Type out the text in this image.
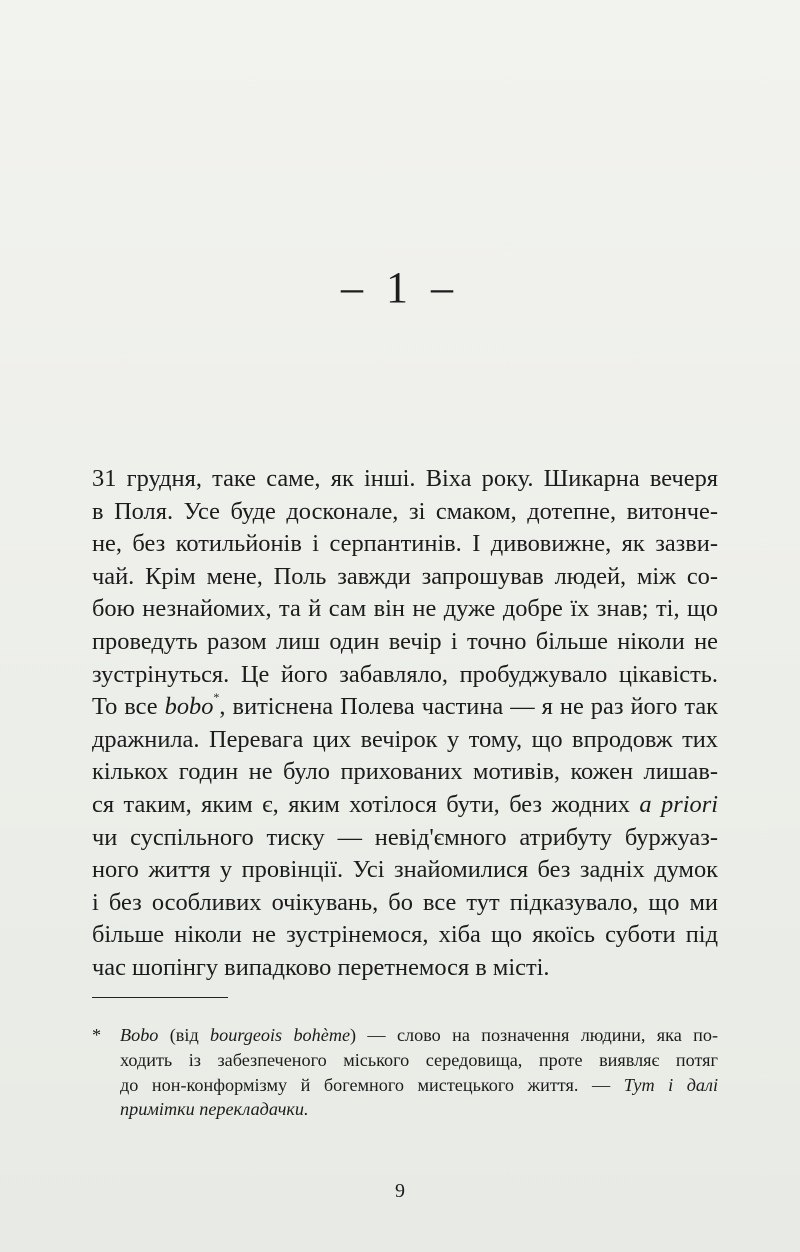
– 1 –
31 грудня, таке саме, як інші. Віха року. Шикарна вечеря
в Поля. Усе буде досконале, зі смаком, дотепне, витонче-
не, без котильйонів і серпантинів. І дивовижне, як зазви-
чай. Крім мене, Поль завжди запрошував людей, між со-
бою незнайомих, та й сам він не дуже добре їх знав; ті, що
проведуть разом лиш один вечір і точно більше ніколи не
зустрінуться. Це його забавляло, пробуджувало цікавість.
То все bobo*, витіснена Полева частина — я не раз його так
дражнила. Перевага цих вечірок у тому, що впродовж тих
кількох годин не було прихованих мотивів, кожен лишав-
ся таким, яким є, яким хотілося бути, без жодних a priori
чи суспільного тиску — невід'ємного атрибуту буржуаз-
ного життя у провінції. Усі знайомилися без задніх думок
і без особливих очікувань, бо все тут підказувало, що ми
більше ніколи не зустрінемося, хіба що якоїсь суботи під
час шопінгу випадково перетнемося в місті.
* Bobo (від bourgeois bohème) — слово на позначення людини, яка по-
ходить із забезпеченого міського середовища, проте виявляє потяг
до нон-конформізму й богемного мистецького життя. — Тут і далі
примітки перекладачки.
9
